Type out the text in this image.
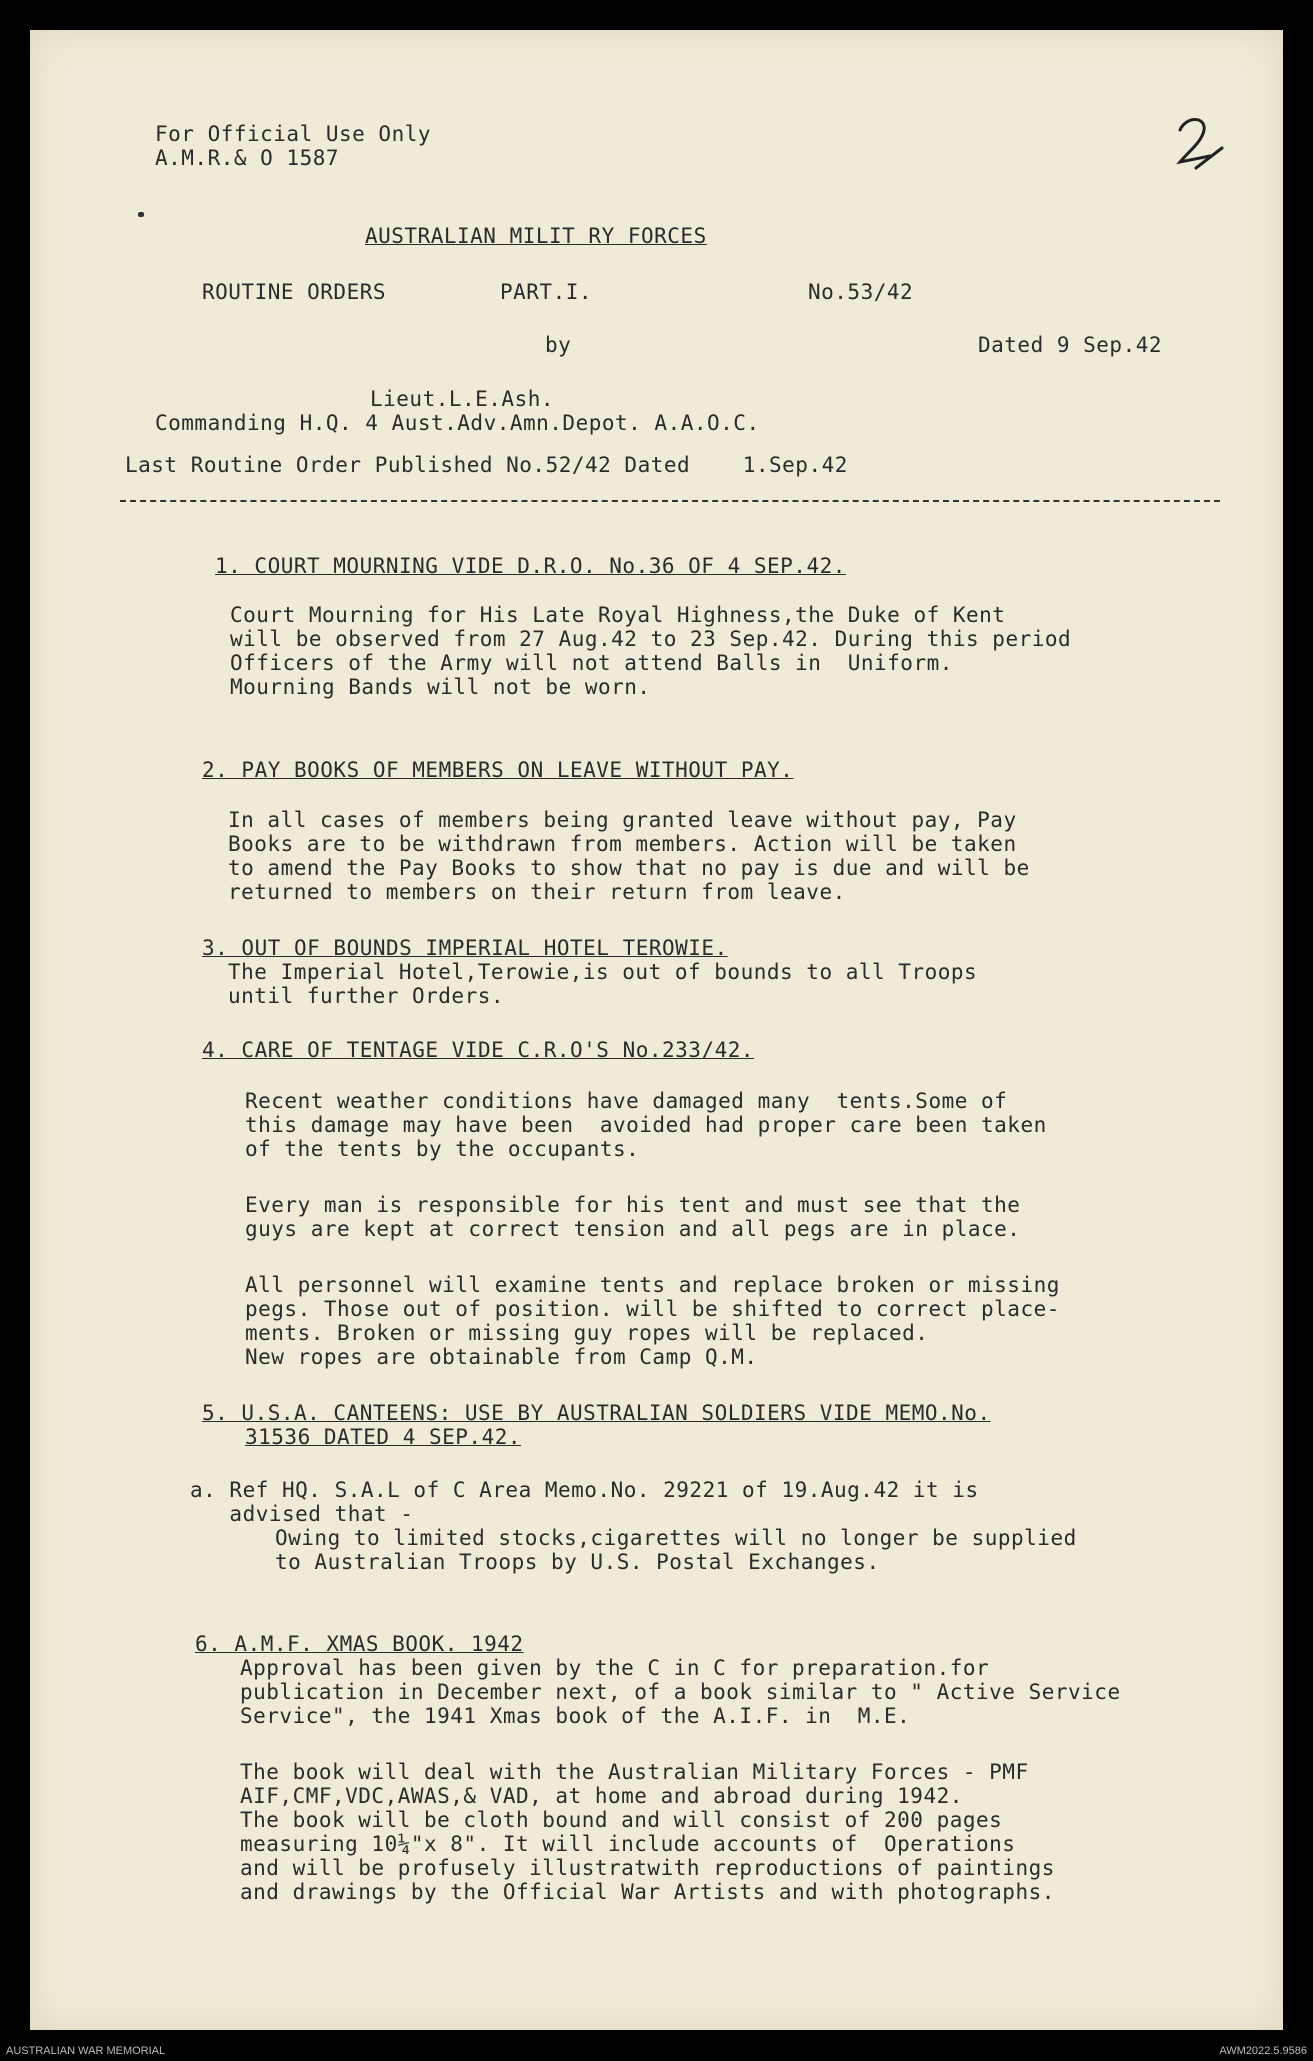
For Official Use Only
A.M.R.& O 1587
AUSTRALIAN MILIT RY FORCES
ROUTINE ORDERS	PART.I.	No.53/42
by	Dated 9 Sep.42
Lieut.L.E.Ash.
Commanding H.Q. 4 Aust.Adv.Amn.Depot. A.A.O.C.
Last Routine Order Published No.52/42 Dated    1.Sep.42
1. COURT MOURNING VIDE D.R.O. No.36 OF 4 SEP.42.
Court Mourning for His Late Royal Highness,the Duke of Kent
will be observed from 27 Aug.42 to 23 Sep.42. During this period
Officers of the Army will not attend Balls in  Uniform.
Mourning Bands will not be worn.
2. PAY BOOKS OF MEMBERS ON LEAVE WITHOUT PAY.
In all cases of members being granted leave without pay, Pay
Books are to be withdrawn from members. Action will be taken
to amend the Pay Books to show that no pay is due and will be
returned to members on their return from leave.
3. OUT OF BOUNDS IMPERIAL HOTEL TEROWIE.
The Imperial Hotel,Terowie,is out of bounds to all Troops
until further Orders.
4. CARE OF TENTAGE VIDE C.R.O'S No.233/42.
Recent weather conditions have damaged many  tents.Some of
this damage may have been  avoided had proper care been taken
of the tents by the occupants.
Every man is responsible for his tent and must see that the
guys are kept at correct tension and all pegs are in place.
All personnel will examine tents and replace broken or missing
pegs. Those out of position. will be shifted to correct place-
ments. Broken or missing guy ropes will be replaced.
New ropes are obtainable from Camp Q.M.
5. U.S.A. CANTEENS: USE BY AUSTRALIAN SOLDIERS VIDE MEMO.No.
31536 DATED 4 SEP.42.
a. Ref HQ. S.A.L of C Area Memo.No. 29221 of 19.Aug.42 it is
advised that -
Owing to limited stocks,cigarettes will no longer be supplied
to Australian Troops by U.S. Postal Exchanges.
6. A.M.F. XMAS BOOK. 1942
Approval has been given by the C in C for preparation.for
publication in December next, of a book similar to " Active Service
Service", the 1941 Xmas book of the A.I.F. in  M.E.
The book will deal with the Australian Military Forces - PMF
AIF,CMF,VDC,AWAS,& VAD, at home and abroad during 1942.
The book will be cloth bound and will consist of 200 pages
measuring 10¼"x 8". It will include accounts of  Operations
and will be profusely illustratwith reproductions of paintings
and drawings by the Official War Artists and with photographs.
AUSTRALIAN WAR MEMORIAL	AWM2022.5.9586
